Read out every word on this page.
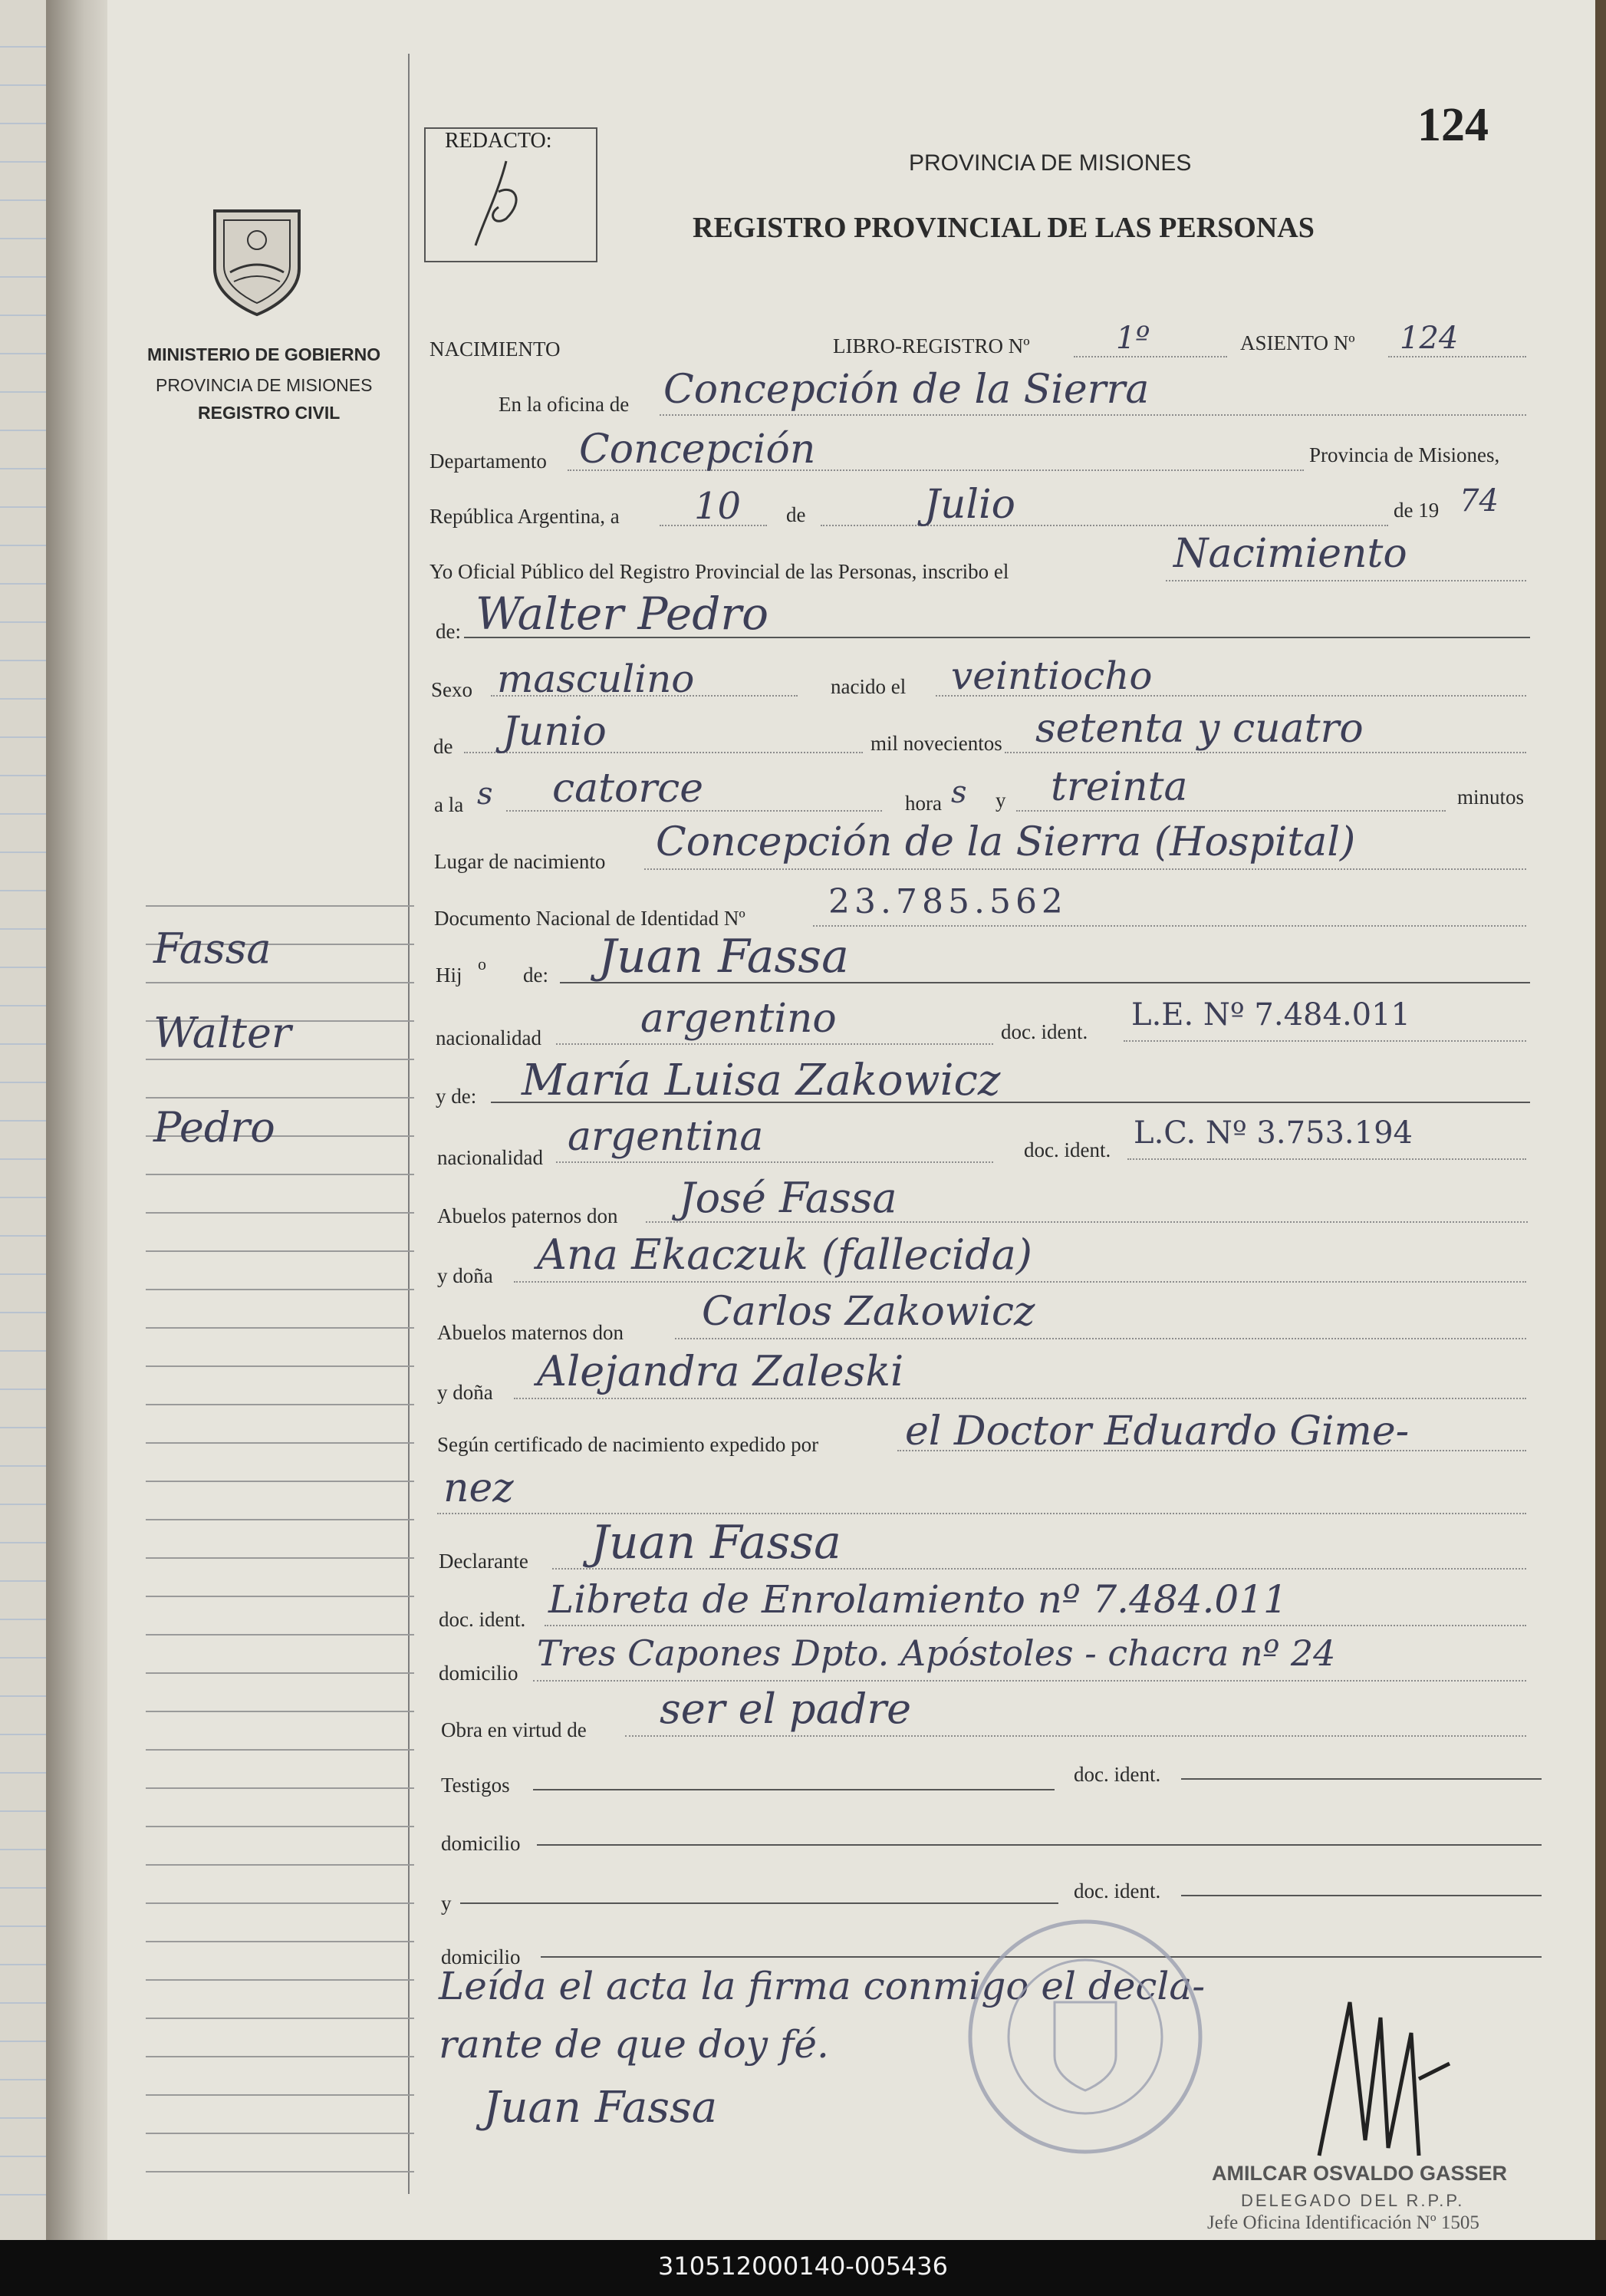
124
REDACTO:
PROVINCIA DE MISIONES
REGISTRO PROVINCIAL DE LAS PERSONAS
MINISTERIO DE GOBIERNO
PROVINCIA DE MISIONES
REGISTRO CIVIL
Fassa
Walter
Pedro
NACIMIENTO	LIBRO-REGISTRO Nº	1º	ASIENTO Nº 124
En la oficina de Concepción de la Sierra
Departamento Concepción	Provincia de Misiones,
República Argentina, a 10 de	Julio	de 19 74
Yo Oficial Público del Registro Provincial de las Personas, inscribo el	Nacimiento
de: Walter Pedro
Sexo masculino	nacido el veintiocho
de Junio	mil novecientos setenta y cuatro
a la s catorce	hora s y treinta	minutos
Lugar de nacimiento Concepción de la Sierra (Hospital)
Documento Nacional de Identidad Nº 23.785.562
Hij o de: Juan Fassa
nacionalidad argentino	doc. ident. L.E. Nº 7.484.011
y de: María Luisa Zakowicz
nacionalidad argentina	doc. ident. L.C. Nº 3.753.194
Abuelos paternos don José Fassa
y doña Ana Ekaczuk (fallecida)
Abuelos maternos don Carlos Zakowicz
y doña Alejandra Zaleski
Según certificado de nacimiento expedido por el Doctor Eduardo Gime-
nez
Declarante Juan Fassa
doc. ident. Libreta de Enrolamiento nº 7.484.011
domicilio Tres Capones Dpto. Apóstoles - chacra nº 24
Obra en virtud de ser el padre
Testigos	doc. ident.
domicilio
y
doc. ident.
domicilio
Leída el acta la firma conmigo el decla-
rante de que doy fé.
Juan Fassa
AMILCAR OSVALDO GASSER
DELEGADO DEL R.P.P.
Jefe Oficina Identificación Nº 1505
310512000140-005436
